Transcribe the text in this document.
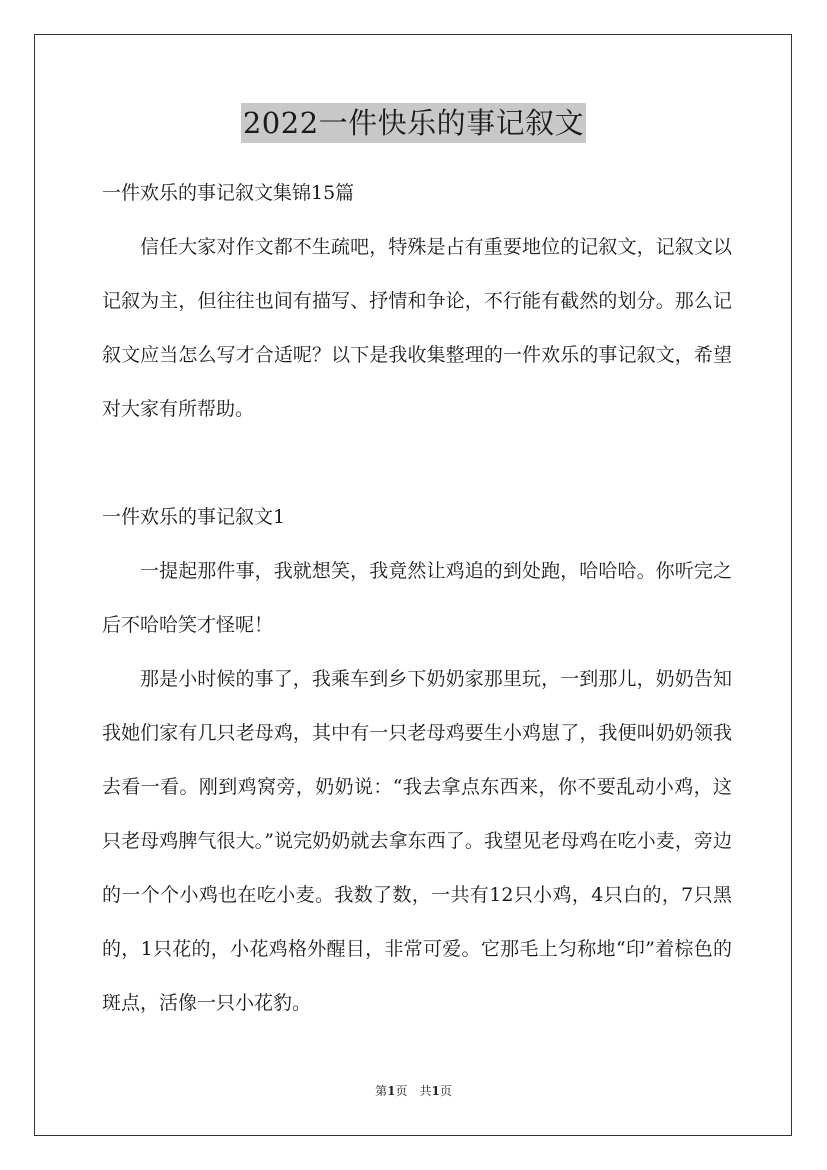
2022一件快乐的事记叙文

一件欢乐的事记叙文集锦15篇

信任大家对作文都不生疏吧，特殊是占有重要地位的记叙文，记叙文以记叙为主，但往往也间有描写、抒情和争论，不行能有截然的划分。那么记叙文应当怎么写才合适呢？以下是我收集整理的一件欢乐的事记叙文，希望对大家有所帮助。

一件欢乐的事记叙文1

一提起那件事，我就想笑，我竟然让鸡追的到处跑，哈哈哈。你听完之后不哈哈笑才怪呢！

那是小时候的事了，我乘车到乡下奶奶家那里玩，一到那儿，奶奶告知我她们家有几只老母鸡，其中有一只老母鸡要生小鸡崽了，我便叫奶奶领我去看一看。刚到鸡窝旁，奶奶说：“我去拿点东西来，你不要乱动小鸡，这只老母鸡脾气很大。”说完奶奶就去拿东西了。我望见老母鸡在吃小麦，旁边的一个个小鸡也在吃小麦。我数了数，一共有12只小鸡，4只白的，7只黑的，1只花的，小花鸡格外醒目，非常可爱。它那毛上匀称地“印”着棕色的斑点，活像一只小花豹。

第1页　共1页
